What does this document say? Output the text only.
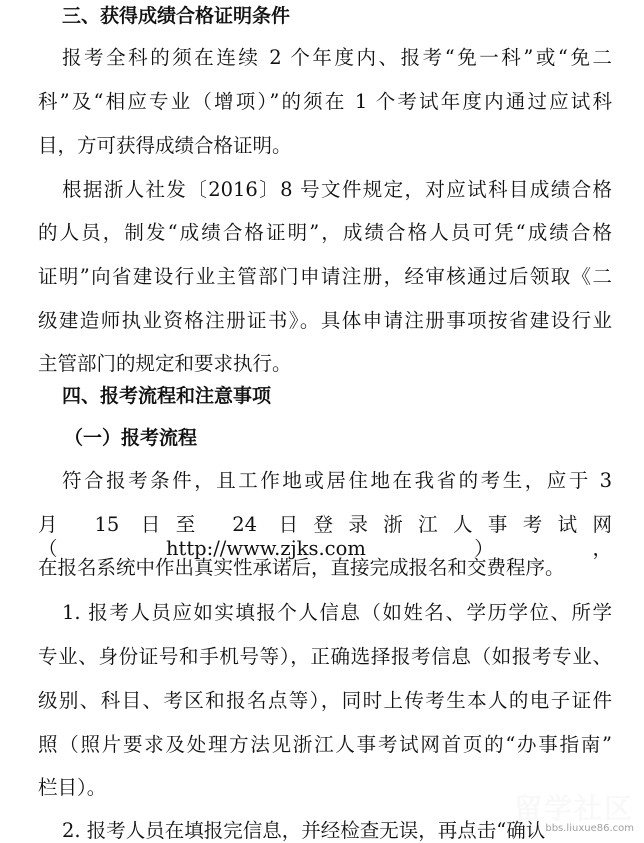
三、获得成绩合格证明条件
报考全科的须在连续 2 个年度内、报考“免一科”或“免二
科”及“相应专业（增项）”的须在 1 个考试年度内通过应试科
目，方可获得成绩合格证明。
根据浙人社发〔2016〕8 号文件规定，对应试科目成绩合格
的人员，制发“成绩合格证明”，成绩合格人员可凭“成绩合格
证明”向省建设行业主管部门申请注册，经审核通过后领取《二
级建造师执业资格注册证书》。具体申请注册事项按省建设行业
主管部门的规定和要求执行。
四、报考流程和注意事项
（一）报考流程
符合报考条件，且工作地或居住地在我省的考生，应于 3
月 15 日至 24 日登录浙江人事考试网（http://www.zjks.com），
在报名系统中作出真实性承诺后，直接完成报名和交费程序。
1. 报考人员应如实填报个人信息（如姓名、学历学位、所学
专业、身份证号和手机号等），正确选择报考信息（如报考专业、
级别、科目、考区和报名点等），同时上传考生本人的电子证件
照（照片要求及处理方法见浙江人事考试网首页的“办事指南”
栏目）。
2. 报考人员在填报完信息，并经检查无误，再点击“确认
留学社区
bbs.liuxue86.com
